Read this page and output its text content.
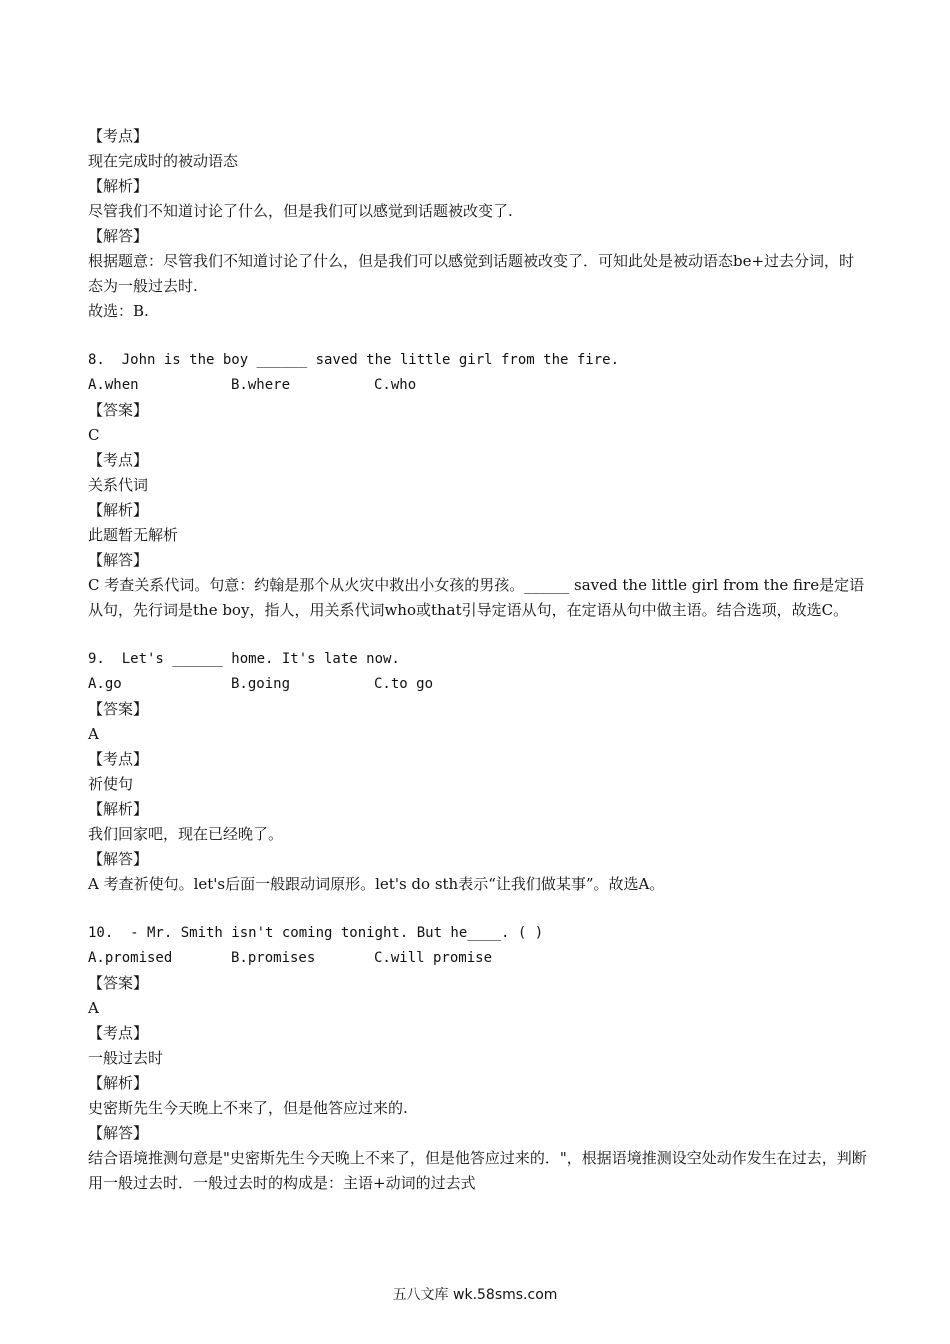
【考点】
现在完成时的被动语态
【解析】
尽管我们不知道讨论了什么，但是我们可以感觉到话题被改变了.
【解答】
根据题意：尽管我们不知道讨论了什么，但是我们可以感觉到话题被改变了．可知此处是被动语态be+过去分词，时态为一般过去时.
故选：B.
8.  John is the boy ______ saved the little girl from the fire.
A.when	B.where	C.who
【答案】
C
【考点】
关系代词
【解析】
此题暂无解析
【解答】
C 考查关系代词。句意：约翰是那个从火灾中救出小女孩的男孩。______ saved the little girl from the fire是定语从句，先行词是the boy，指人，用关系代词who或that引导定语从句，在定语从句中做主语。结合选项，故选C。
9.  Let's ______ home. It's late now.
A.go	B.going	C.to go
【答案】
A
【考点】
祈使句
【解析】
我们回家吧，现在已经晚了。
【解答】
A 考查祈使句。let's后面一般跟动词原形。let's do sth表示“让我们做某事”。故选A。
10.  - Mr. Smith isn't coming tonight. But he____. ( )
A.promised	B.promises	C.will promise
【答案】
A
【考点】
一般过去时
【解析】
史密斯先生今天晚上不来了，但是他答应过来的.
【解答】
结合语境推测句意是"史密斯先生今天晚上不来了，但是他答应过来的．"，根据语境推测设空处动作发生在过去，判断用一般过去时．一般过去时的构成是：主语+动词的过去式
五八文库 wk.58sms.com
